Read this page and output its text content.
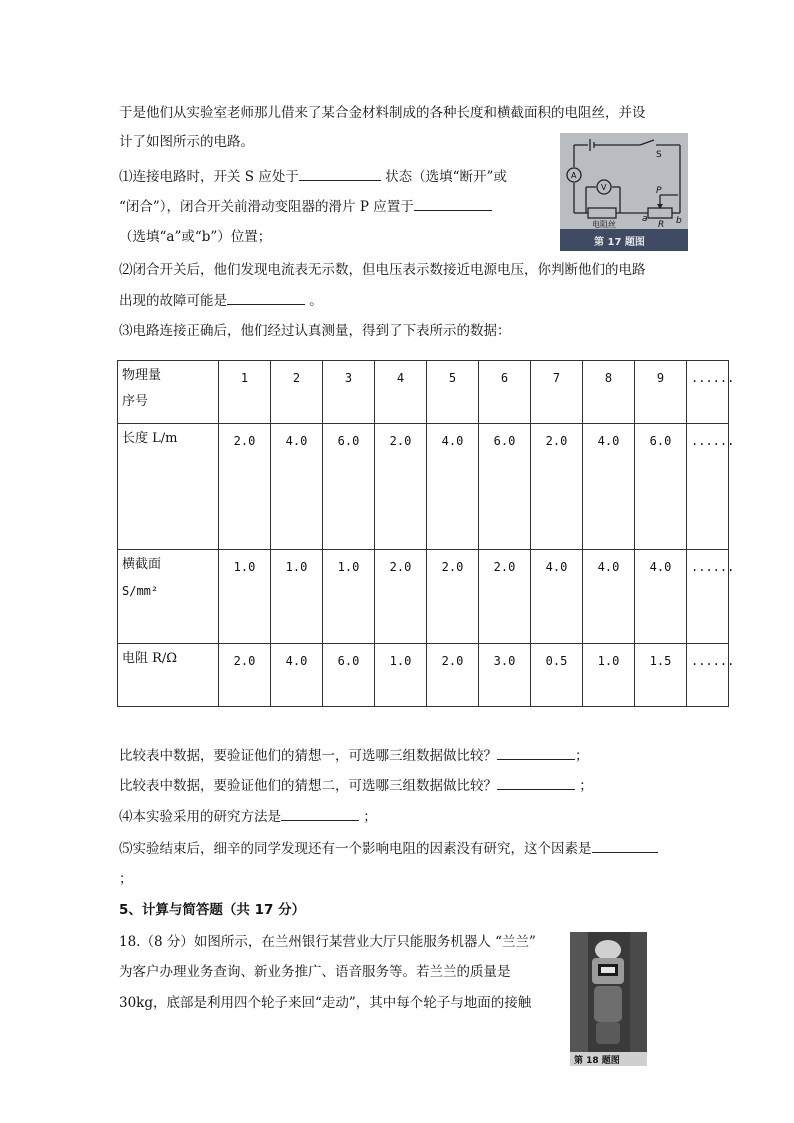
于是他们从实验室老师那儿借来了某合金材料制成的各种长度和横截面积的电阻丝，并设
计了如图所示的电路。
⑴连接电路时，开关 S 应处于	状态（选填“断开”或
“闭合”），闭合开关前滑动变阻器的滑片 P 应置于
（选填“a”或“b”）位置；
⑵闭合开关后，他们发现电流表无示数，但电压表示数接近电源电压，你判断他们的电路
出现的故障可能是	。
⑶电路连接正确后，他们经过认真测量，得到了下表所示的数据：
物理量
序号	1	2	3	4	5	6	7	8	9	......
长度 L/m	2.0	4.0	6.0	2.0	4.0	6.0	2.0	4.0	6.0	......

横截面
S/mm²	1.0	1.0	1.0	2.0	2.0	2.0	4.0	4.0	4.0	......
电阻 R/Ω	2.0	4.0	6.0	1.0	2.0	3.0	0.5	1.0	1.5	......
比较表中数据，要验证他们的猜想一，可选哪三组数据做比较？	；
比较表中数据，要验证他们的猜想二，可选哪三组数据做比较？	；
⑷本实验采用的研究方法是	；
⑸实验结束后，细辛的同学发现还有一个影响电阻的因素没有研究，这个因素是
；
5、计算与简答题（共 17 分）
18.（8 分）如图所示，在兰州银行某营业大厅只能服务机器人 “兰兰”
为客户办理业务查询、新业务推广、语音服务等。若兰兰的质量是
30kg，底部是利用四个轮子来回“走动”，其中每个轮子与地面的接触
S
A
V	P
电阻丝
a
R b
第 17 题图
第 18 题图
